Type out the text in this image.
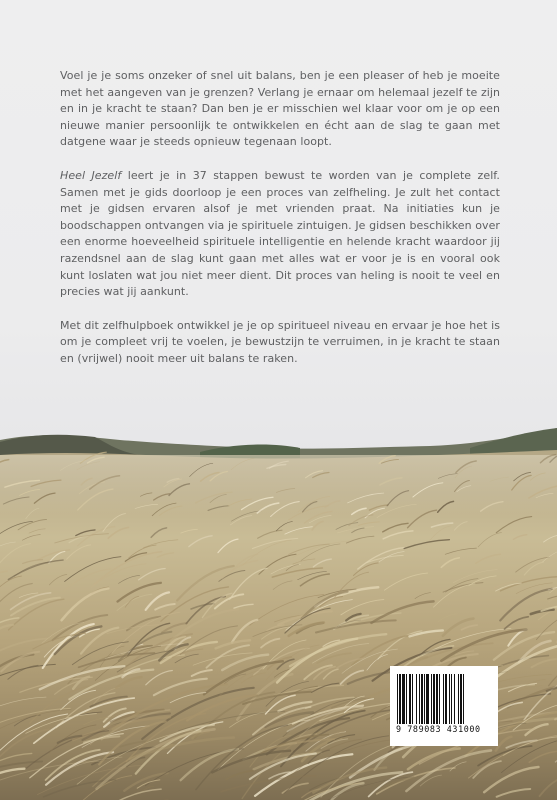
Voel je je soms onzeker of snel uit balans, ben je een pleaser of heb je moeite met het aangeven van je grenzen? Verlang je ernaar om helemaal jezelf te zijn en in je kracht te staan? Dan ben je er misschien wel klaar voor om je op een nieuwe manier persoonlijk te ontwikkelen en écht aan de slag te gaan met datgene waar je steeds opnieuw tegenaan loopt.

Heel Jezelf leert je in 37 stappen bewust te worden van je complete zelf. Samen met je gids doorloop je een proces van zelfheling. Je zult het contact met je gidsen ervaren alsof je met vrienden praat. Na initiaties kun je boodschappen ontvangen via je spirituele zintuigen. Je gidsen beschikken over een enorme hoeveelheid spirituele intelligentie en helende kracht waardoor jij razendsnel aan de slag kunt gaan met alles wat er voor je is en vooral ook kunt loslaten wat jou niet meer dient. Dit proces van heling is nooit te veel en precies wat jij aankunt.

Met dit zelfhulpboek ontwikkel je je op spiritueel niveau en ervaar je hoe het is om je compleet vrij te voelen, je bewustzijn te verruimen, in je kracht te staan en (vrijwel) nooit meer uit balans te raken.

9 789083 431000
